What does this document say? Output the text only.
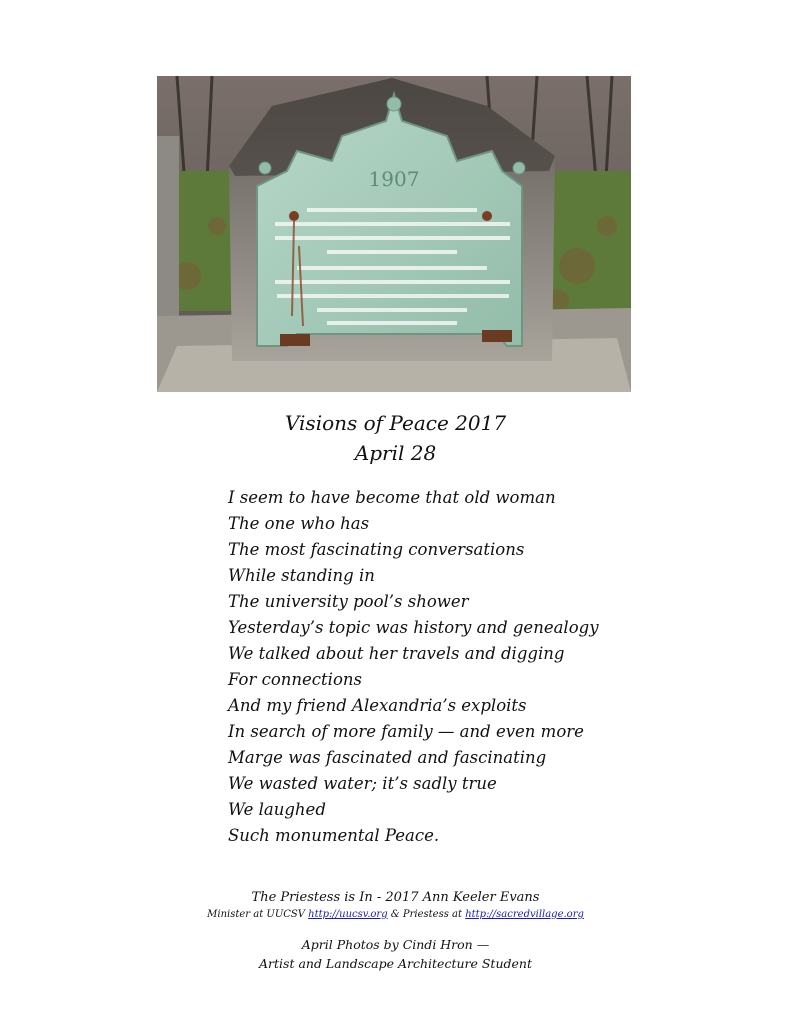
1907
Visions of Peace 2017
April 28
I seem to have become that old woman
The one who has
The most fascinating conversations
While standing in
The university pool’s shower
Yesterday’s topic was history and genealogy
We talked about her travels and digging
For connections
And my friend Alexandria’s exploits
In search of more family — and even more
Marge was fascinated and fascinating
We wasted water; it’s sadly true
We laughed
Such monumental Peace.
The Priestess is In - 2017 Ann Keeler Evans
Minister at UUCSV http://uucsv.org & Priestess at http://sacredvillage.org
April Photos by Cindi Hron —
Artist and Landscape Architecture Student
